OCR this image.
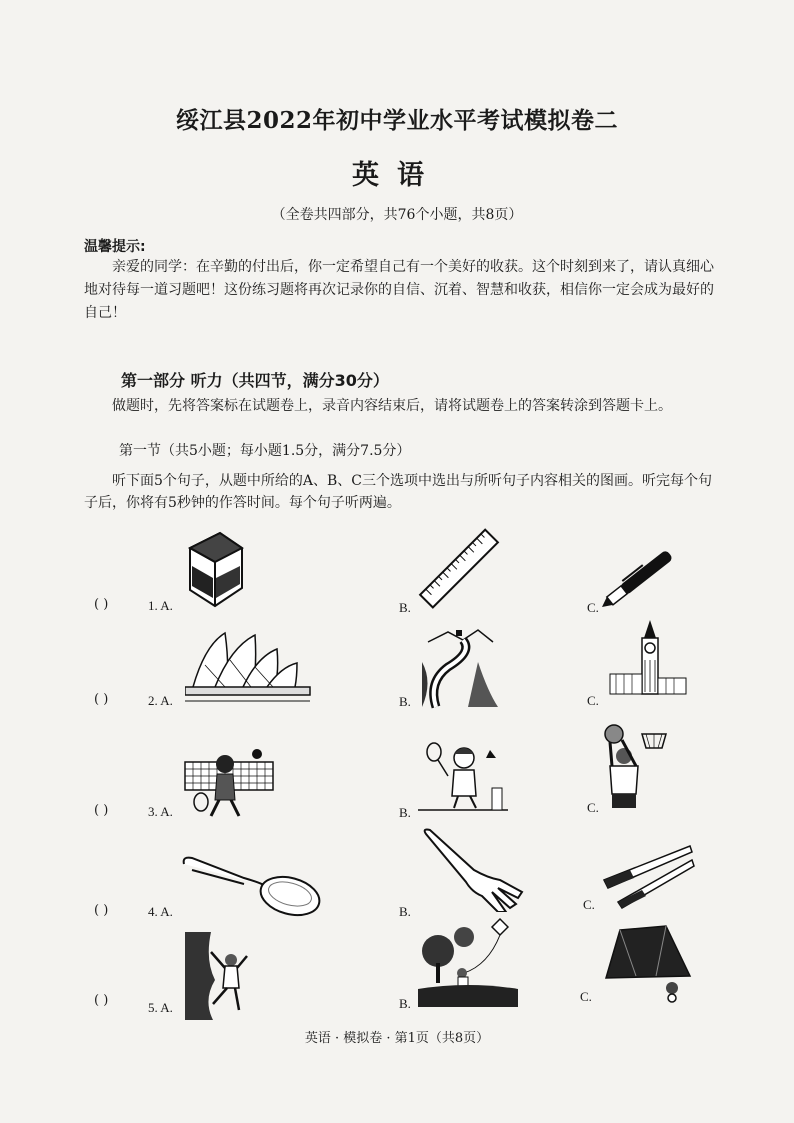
绥江县2022年初中学业水平考试模拟卷二
英语
（全卷共四部分，共76个小题，共8页）
温馨提示:
亲爱的同学：在辛勤的付出后，你一定希望自己有一个美好的收获。这个时刻到来了，请认真细心地对待每一道习题吧！这份练习题将再次记录你的自信、沉着、智慧和收获，相信你一定会成为最好的自己！
第一部分 听力（共四节，满分30分）
做题时，先将答案标在试题卷上，录音内容结束后，请将试题卷上的答案转涂到答题卡上。
第一节（共5小题；每小题1.5分，满分7.5分）
听下面5个句子，从题中所给的A、B、C三个选项中选出与所听句子内容相关的图画。听完每个句子后，你将有5秒钟的作答时间。每个句子听两遍。
( )	1. A.	B.	C.
( )	2. A.	B.	C.
( )	3. A.	B.	C.
( )	4. A.	B.	C.
( )	5. A.	B.	C.
英语 · 模拟卷 · 第1页（共8页）
